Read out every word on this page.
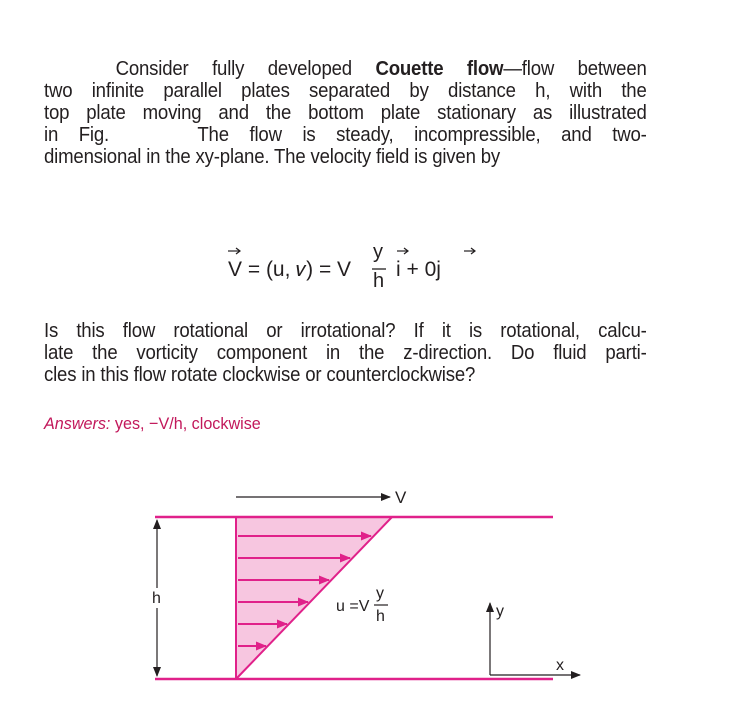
Consider fully developed Couette flow—flow between
two infinite parallel plates separated by distance h, with the
top plate moving and the bottom plate stationary as illustrated
in Fig.	The flow is steady, incompressible, and two-
dimensional in the xy-plane. The velocity field is given by
V = (u, 𝑣) = V
y
h i + 0j
Is this flow rotational or irrotational? If it is rotational, calcu-
late the vorticity component in the z-direction. Do fluid parti-
cles in this flow rotate clockwise or counterclockwise?
Answers: yes, −V/h, clockwise
V
h	u =V
y
h	y
x
